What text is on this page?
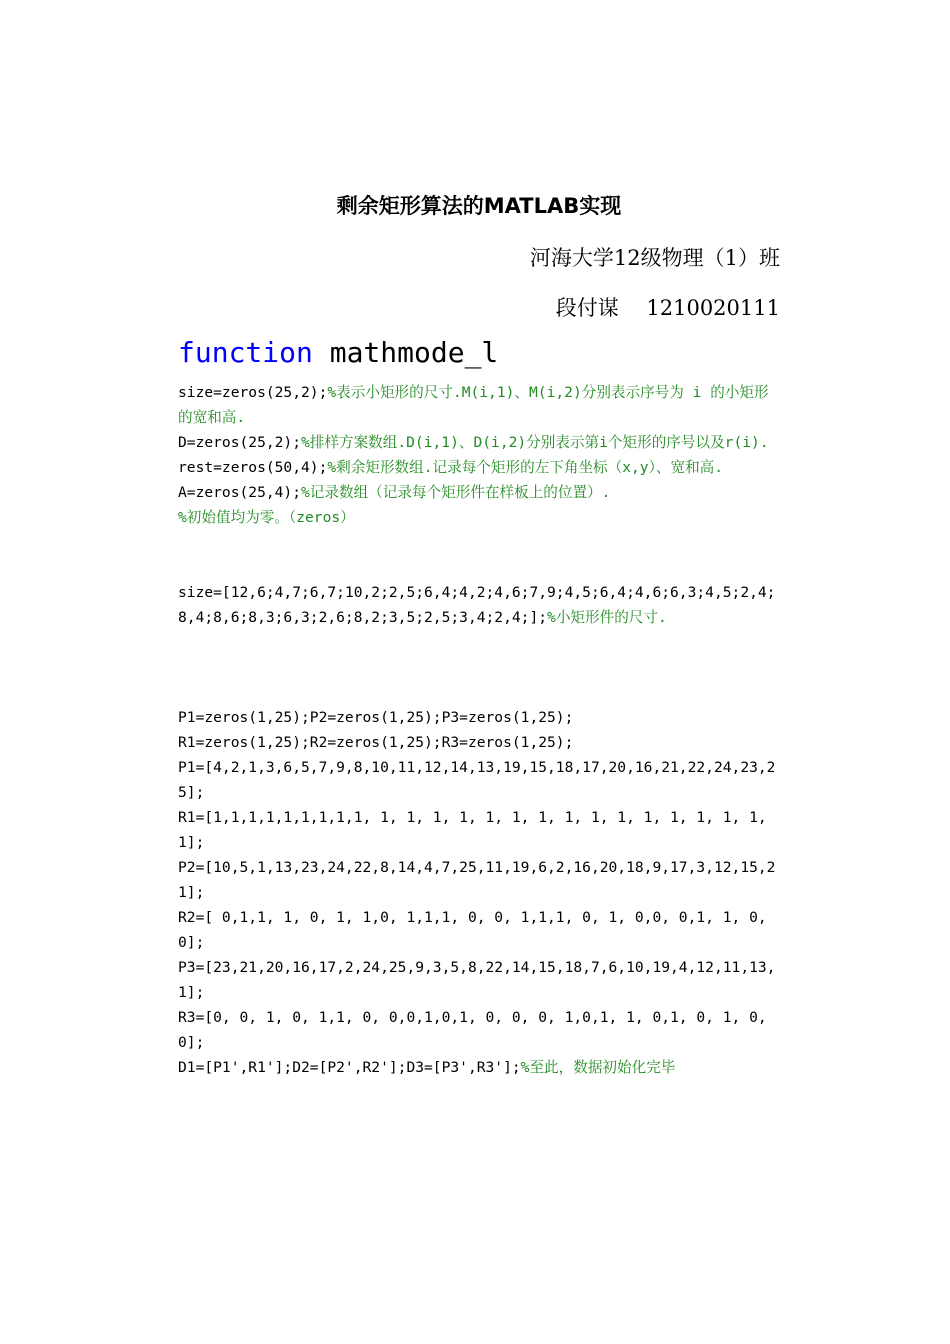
剩余矩形算法的MATLAB实现
河海大学12级物理（1）班
段付谋　 1210020111
function mathmode_l
size=zeros(25,2);%表示小矩形的尺寸.M(i,1)、M(i,2)分别表示序号为 i 的小矩形的宽和高.
D=zeros(25,2);%排样方案数组.D(i,1)、D(i,2)分别表示第i个矩形的序号以及r(i).
rest=zeros(50,4);%剩余矩形数组.记录每个矩形的左下角坐标（x,y）、宽和高.
A=zeros(25,4);%记录数组（记录每个矩形件在样板上的位置）.
%初始值均为零。（zeros）
size=[12,6;4,7;6,7;10,2;2,5;6,4;4,2;4,6;7,9;4,5;6,4;4,6;6,3;4,5;2,4;8,4;8,6;8,3;6,3;2,6;8,2;3,5;2,5;3,4;2,4;];%小矩形件的尺寸.
P1=zeros(1,25);P2=zeros(1,25);P3=zeros(1,25);
R1=zeros(1,25);R2=zeros(1,25);R3=zeros(1,25);
P1=[4,2,1,3,6,5,7,9,8,10,11,12,14,13,19,15,18,17,20,16,21,22,24,23,25];
R1=[1,1,1,1,1,1,1,1,1, 1, 1, 1, 1, 1, 1, 1, 1, 1, 1, 1, 1, 1, 1, 1, 1];
P2=[10,5,1,13,23,24,22,8,14,4,7,25,11,19,6,2,16,20,18,9,17,3,12,15,21];
R2=[ 0,1,1, 1, 0, 1, 1,0, 1,1,1, 0, 0, 1,1,1, 0, 1, 0,0, 0,1, 1, 0, 0];
P3=[23,21,20,16,17,2,24,25,9,3,5,8,22,14,15,18,7,6,10,19,4,12,11,13,1];
R3=[0, 0, 1, 0, 1,1, 0, 0,0,1,0,1, 0, 0, 0, 1,0,1, 1, 0,1, 0, 1, 0,0];
D1=[P1',R1'];D2=[P2',R2'];D3=[P3',R3'];%至此，数据初始化完毕
